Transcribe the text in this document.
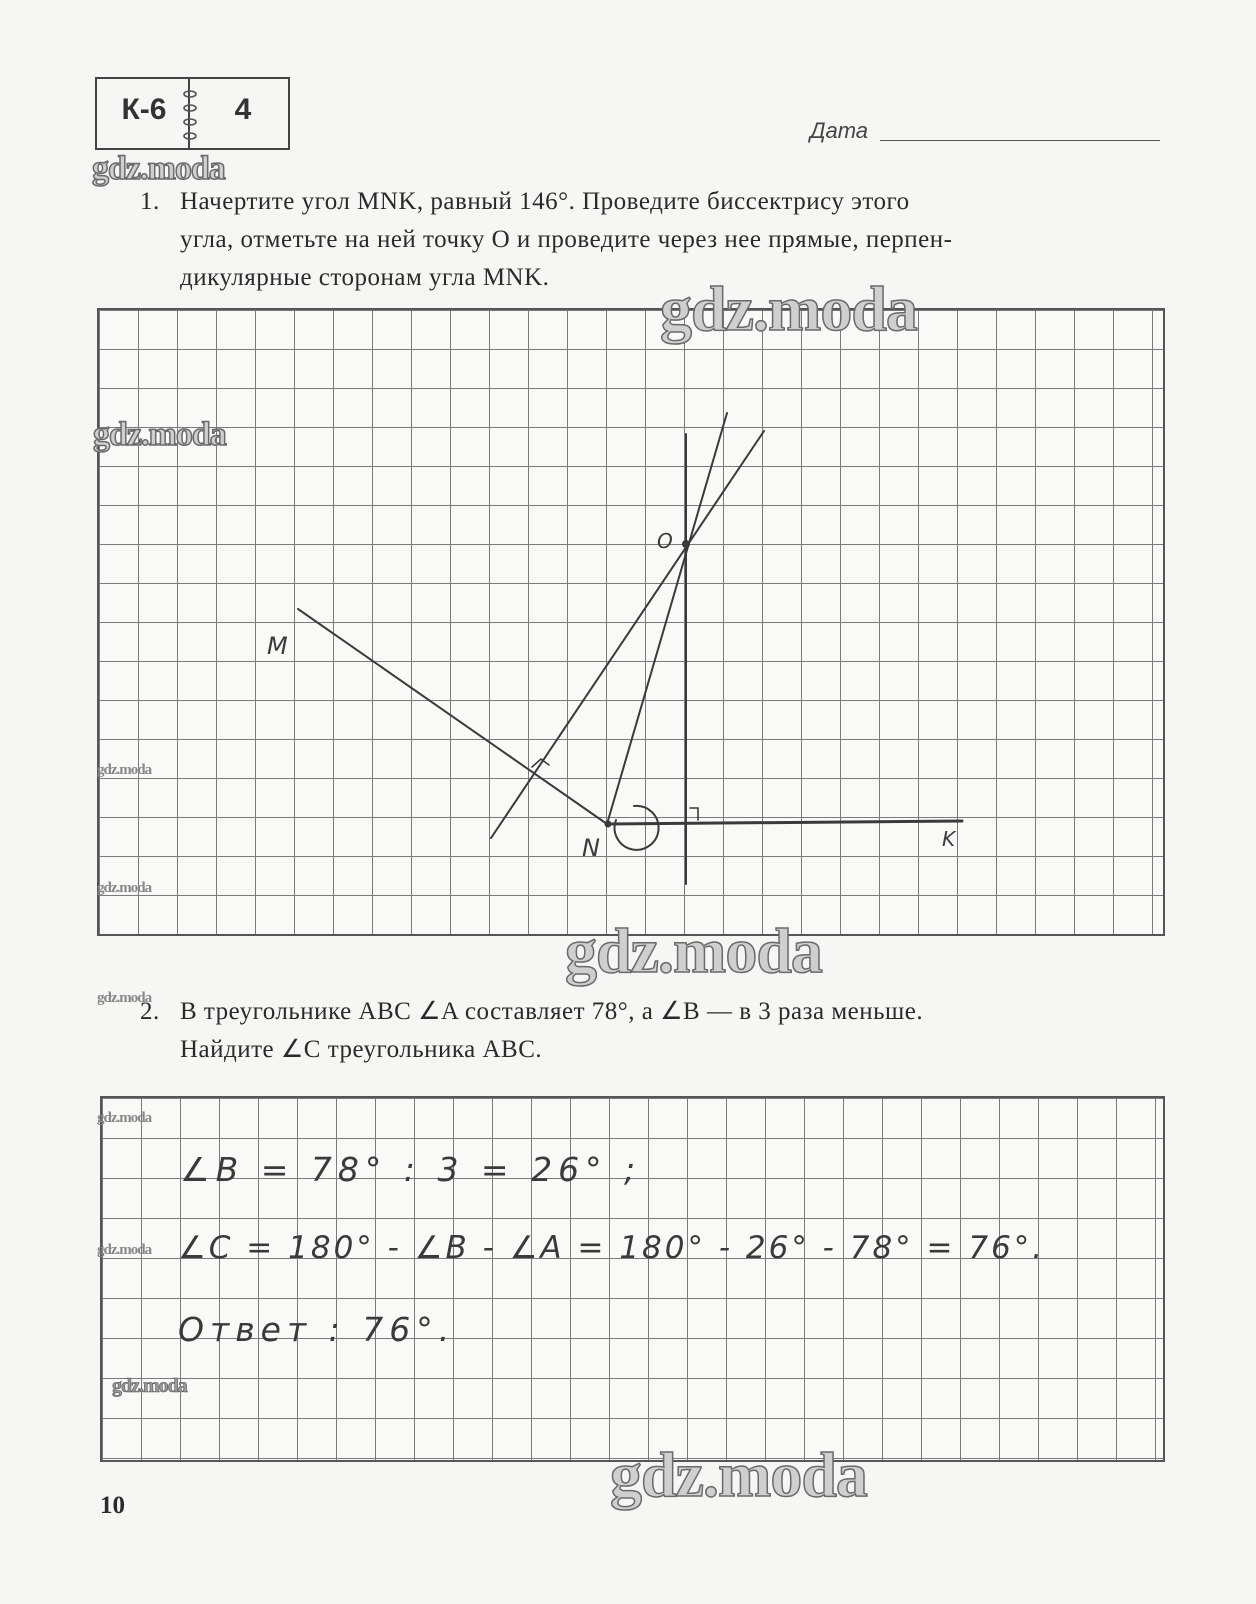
К-6	4
Дата
gdz.moda
1. Начертите угол MNK, равный 146°. Проведите биссектрису этого
угла, отметьте на ней точку O и проведите через нее прямые, перпен-
дикулярные сторонам угла MNK.
M
N	K
O
gdz.moda
gdz.moda
gdz.moda
gdz.moda
gdz.moda
gdz.moda
2. В треугольнике ABC ∠A составляет 78°, а ∠B — в 3 раза меньше.
Найдите ∠C треугольника ABC.
∠B = 78° : 3 = 26° ;
∠C = 180° - ∠B - ∠A = 180° - 26° - 78° = 76°.
Ответ : 76°.
gdz.moda
gdz.moda
gdz.moda
gdz.moda
10
